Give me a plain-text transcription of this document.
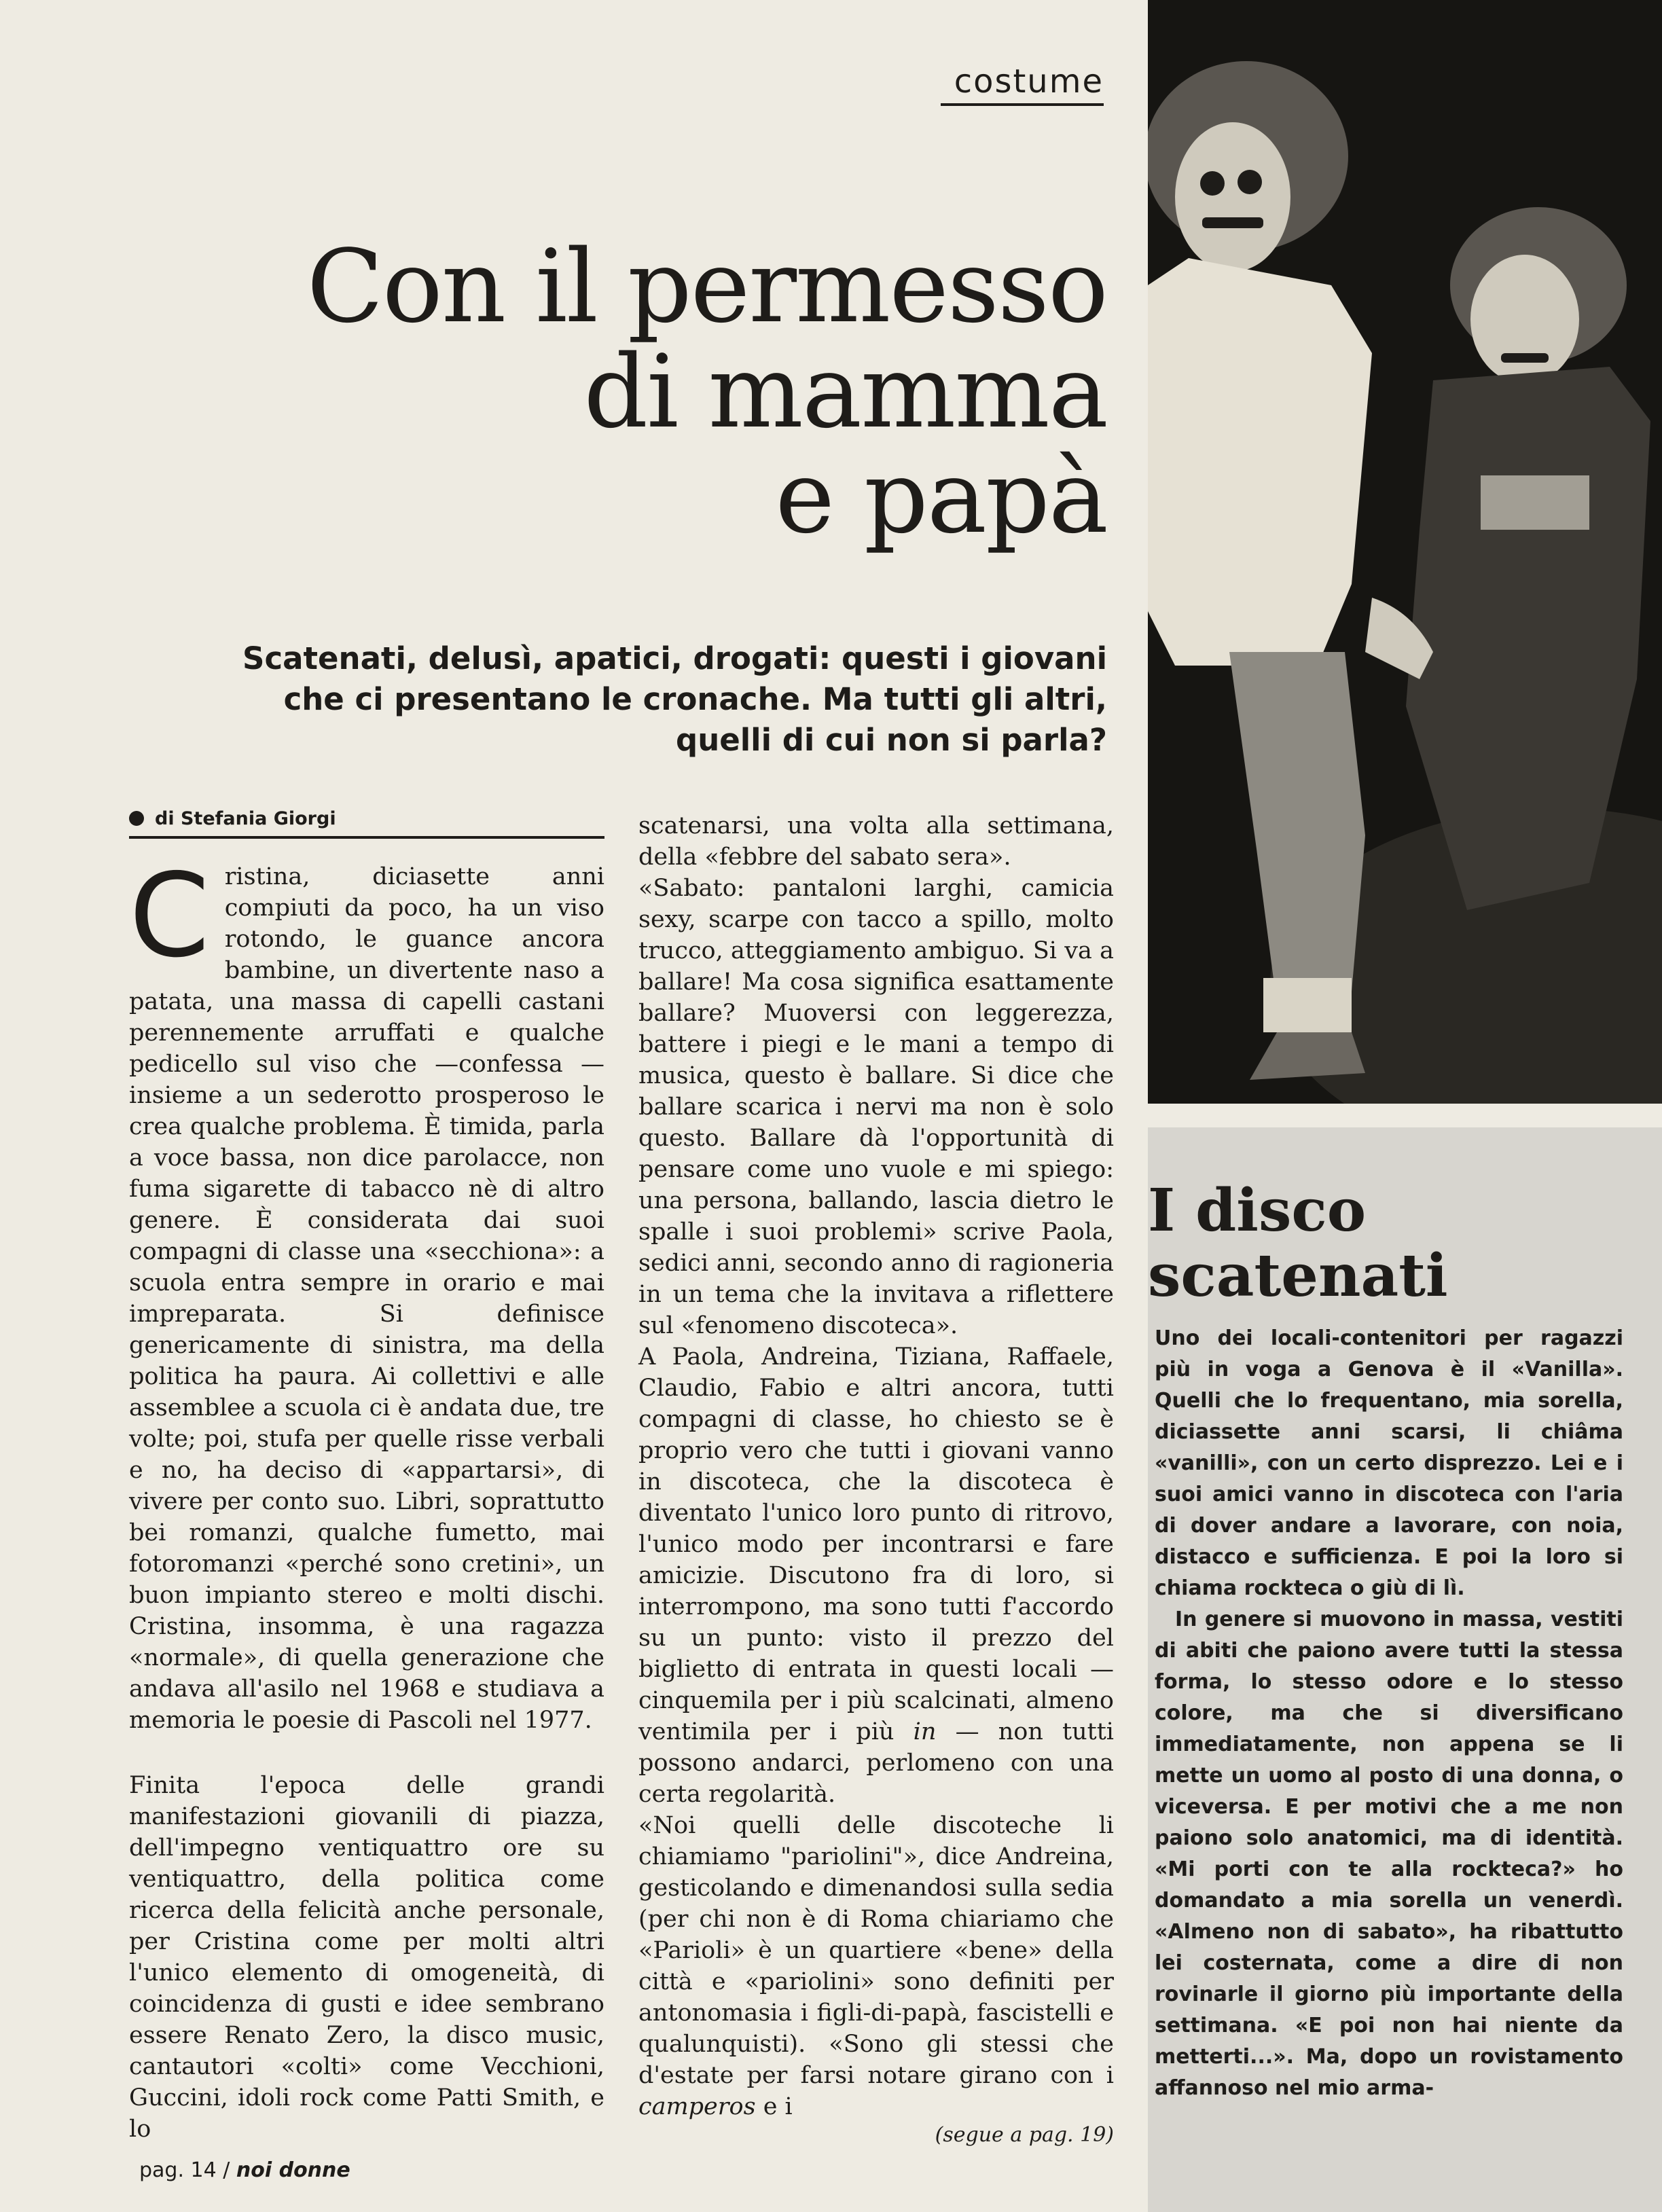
costume
Con il permesso
di mamma
e papà
Scatenati, delusì, apatici, drogati: questi i giovani
che ci presentano le cronache. Ma tutti gli altri,
quelli di cui non si parla?
di Stefania Giorgi

Cristina, diciasette anni compiuti da poco, ha un viso rotondo, le guance ancora bambine, un divertente naso a patata, una massa di capelli castani perennemente arruffati e qualche pedicello sul viso che —confessa — insieme a un sederotto prosperoso le crea qualche problema. È timida, parla a voce bassa, non dice parolacce, non fuma sigarette di tabacco nè di altro genere. È considerata dai suoi compagni di classe una «secchiona»: a scuola entra sempre in orario e mai impreparata. Si definisce genericamente di sinistra, ma della politica ha paura. Ai collettivi e alle assemblee a scuola ci è andata due, tre volte; poi, stufa per quelle risse verbali e no, ha deciso di «appartarsi», di vivere per conto suo. Libri, soprattutto bei romanzi, qualche fumetto, mai fotoromanzi «perché sono cretini», un buon impianto stereo e molti dischi. Cristina, insomma, è una ragazza «normale», di quella generazione che andava all'asilo nel 1968 e studiava a memoria le poesie di Pascoli nel 1977.

Finita l'epoca delle grandi manifestazioni giovanili di piazza, dell'impegno ventiquattro ore su ventiquattro, della politica come ricerca della felicità anche personale, per Cristina come per molti altri l'unico elemento di omogeneità, di coincidenza di gusti e idee sembrano essere Renato Zero, la disco music, cantautori «colti» come Vecchioni, Guccini, idoli rock come Patti Smith, e lo

scatenarsi, una volta alla settimana, della «febbre del sabato sera».

«Sabato: pantaloni larghi, camicia sexy, scarpe con tacco a spillo, molto trucco, atteggiamento ambiguo. Si va a ballare! Ma cosa significa esattamente ballare? Muoversi con leggerezza, battere i piegi e le mani a tempo di musica, questo è ballare. Si dice che ballare scarica i nervi ma non è solo questo. Ballare dà l'opportunità di pensare come uno vuole e mi spiego: una persona, ballando, lascia dietro le spalle i suoi problemi» scrive Paola, sedici anni, secondo anno di ragioneria in un tema che la invitava a riflettere sul «fenomeno discoteca».

A Paola, Andreina, Tiziana, Raffaele, Claudio, Fabio e altri ancora, tutti compagni di classe, ho chiesto se è proprio vero che tutti i giovani vanno in discoteca, che la discoteca è diventato l'unico loro punto di ritrovo, l'unico modo per incontrarsi e fare amicizie. Discutono fra di loro, si interrompono, ma sono tutti f'accordo su un punto: visto il prezzo del biglietto di entrata in questi locali — cinquemila per i più scalcinati, almeno ventimila per i più in — non tutti possono andarci, perlomeno con una certa regolarità.

«Noi quelli delle discoteche li chiamiamo "pariolini"», dice Andreina, gesticolando e dimenandosi sulla sedia (per chi non è di Roma chiariamo che «Parioli» è un quartiere «bene» della città e «pariolini» sono definiti per antonomasia i figli-di-papà, fascistelli e qualunquisti). «Sono gli stessi che d'estate per farsi notare girano con i camperos e i

(segue a pag. 19)
I disco
scatenati

Uno dei locali-contenitori per ragazzi più in voga a Genova è il «Vanilla». Quelli che lo frequentano, mia sorella, diciassette anni scarsi, li chiâma «vanilli», con un certo disprezzo. Lei e i suoi amici vanno in discoteca con l'aria di dover andare a lavorare, con noia, distacco e sufficienza. E poi la loro si chiama rockteca o giù di lì.

In genere si muovono in massa, vestiti di abiti che paiono avere tutti la stessa forma, lo stesso odore e lo stesso colore, ma che si diversificano immediatamente, non appena se li mette un uomo al posto di una donna, o viceversa. E per motivi che a me non paiono solo anatomici, ma di identità. «Mi porti con te alla rockteca?» ho domandato a mia sorella un venerdì. «Almeno non di sabato», ha ribattutto lei costernata, come a dire di non rovinarle il giorno più importante della settimana. «E poi non hai niente da metterti...». Ma, dopo un rovistamento affannoso nel mio arma-

pag. 14 / noi donne
